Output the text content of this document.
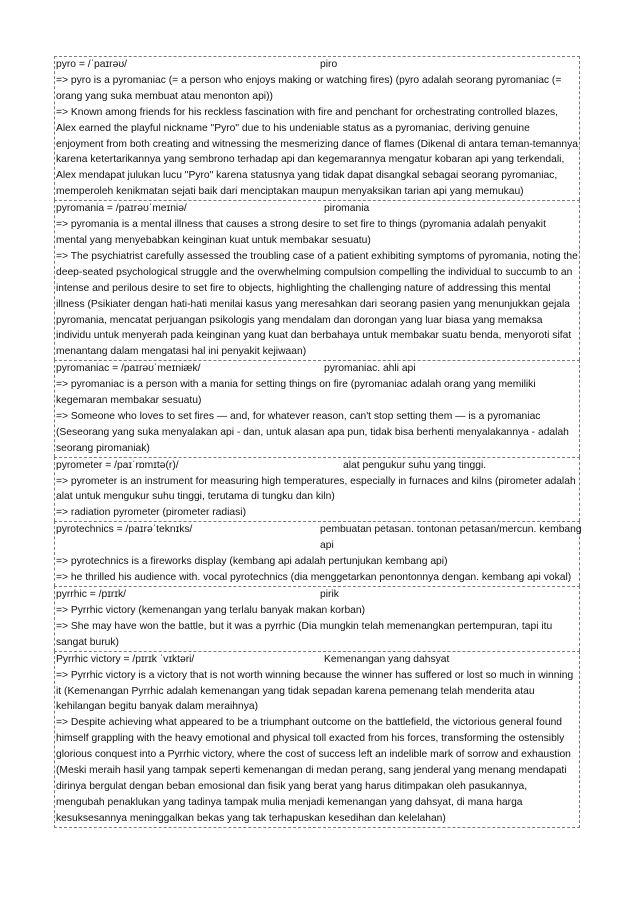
pyro = /ˈpaɪrəʊ/	piro
=> pyro is a pyromaniac (= a person who enjoys making or watching fires) (pyro adalah seorang pyromaniac (= orang yang suka membuat atau menonton api))
=> Known among friends for his reckless fascination with fire and penchant for orchestrating controlled blazes, Alex earned the playful nickname "Pyro" due to his undeniable status as a pyromaniac, deriving genuine enjoyment from both creating and witnessing the mesmerizing dance of flames (Dikenal di antara teman-temannya karena ketertarikannya yang sembrono terhadap api dan kegemarannya mengatur kobaran api yang terkendali, Alex mendapat julukan lucu "Pyro" karena statusnya yang tidak dapat disangkal sebagai seorang pyromaniac, memperoleh kenikmatan sejati baik dari menciptakan maupun menyaksikan tarian api yang memukau)
pyromania = /paɪrəʊˈmeɪniə/	piromania
=> pyromania is a mental illness that causes a strong desire to set fire to things (pyromania adalah penyakit mental yang menyebabkan keinginan kuat untuk membakar sesuatu)
=> The psychiatrist carefully assessed the troubling case of a patient exhibiting symptoms of pyromania, noting the deep-seated psychological struggle and the overwhelming compulsion compelling the individual to succumb to an intense and perilous desire to set fire to objects, highlighting the challenging nature of addressing this mental illness (Psikiater dengan hati-hati menilai kasus yang meresahkan dari seorang pasien yang menunjukkan gejala pyromania, mencatat perjuangan psikologis yang mendalam dan dorongan yang luar biasa yang memaksa individu untuk menyerah pada keinginan yang kuat dan berbahaya untuk membakar suatu benda, menyoroti sifat menantang dalam mengatasi hal ini penyakit kejiwaan)
pyromaniac = /paɪrəʊˈmeɪniæk/	pyromaniac. ahli api
=> pyromaniac is a person with a mania for setting things on fire (pyromaniac adalah orang yang memiliki kegemaran membakar sesuatu)
=> Someone who loves to set fires — and, for whatever reason, can't stop setting them — is a pyromaniac (Seseorang yang suka menyalakan api - dan, untuk alasan apa pun, tidak bisa berhenti menyalakannya - adalah seorang piromaniak)
pyrometer = /paɪˈrɒmɪtə(r)/	alat pengukur suhu yang tinggi.
=> pyrometer is an instrument for measuring high temperatures, especially in furnaces and kilns (pirometer adalah alat untuk mengukur suhu tinggi, terutama di tungku dan kiln)
=> radiation pyrometer (pirometer radiasi)
pyrotechnics = /paɪrəˈteknɪks/	pembuatan petasan. tontonan petasan/mercun. kembang api
=> pyrotechnics is a fireworks display (kembang api adalah pertunjukan kembang api)
=> he thrilled his audience with. vocal pyrotechnics (dia menggetarkan penontonnya dengan. kembang api vokal)
pyrrhic = /pɪrɪk/	pirik
=> Pyrrhic victory (kemenangan yang terlalu banyak makan korban)
=> She may have won the battle, but it was a pyrrhic (Dia mungkin telah memenangkan pertempuran, tapi itu sangat buruk)
Pyrrhic victory = /pɪrɪk ˈvɪktəri/	Kemenangan yang dahsyat
=> Pyrrhic victory is a victory that is not worth winning because the winner has suffered or lost so much in winning it (Kemenangan Pyrrhic adalah kemenangan yang tidak sepadan karena pemenang telah menderita atau kehilangan begitu banyak dalam meraihnya)
=> Despite achieving what appeared to be a triumphant outcome on the battlefield, the victorious general found himself grappling with the heavy emotional and physical toll exacted from his forces, transforming the ostensibly glorious conquest into a Pyrrhic victory, where the cost of success left an indelible mark of sorrow and exhaustion (Meski meraih hasil yang tampak seperti kemenangan di medan perang, sang jenderal yang menang mendapati dirinya bergulat dengan beban emosional dan fisik yang berat yang harus ditimpakan oleh pasukannya, mengubah penaklukan yang tadinya tampak mulia menjadi kemenangan yang dahsyat, di mana harga kesuksesannya meninggalkan bekas yang tak terhapuskan kesedihan dan kelelahan)
